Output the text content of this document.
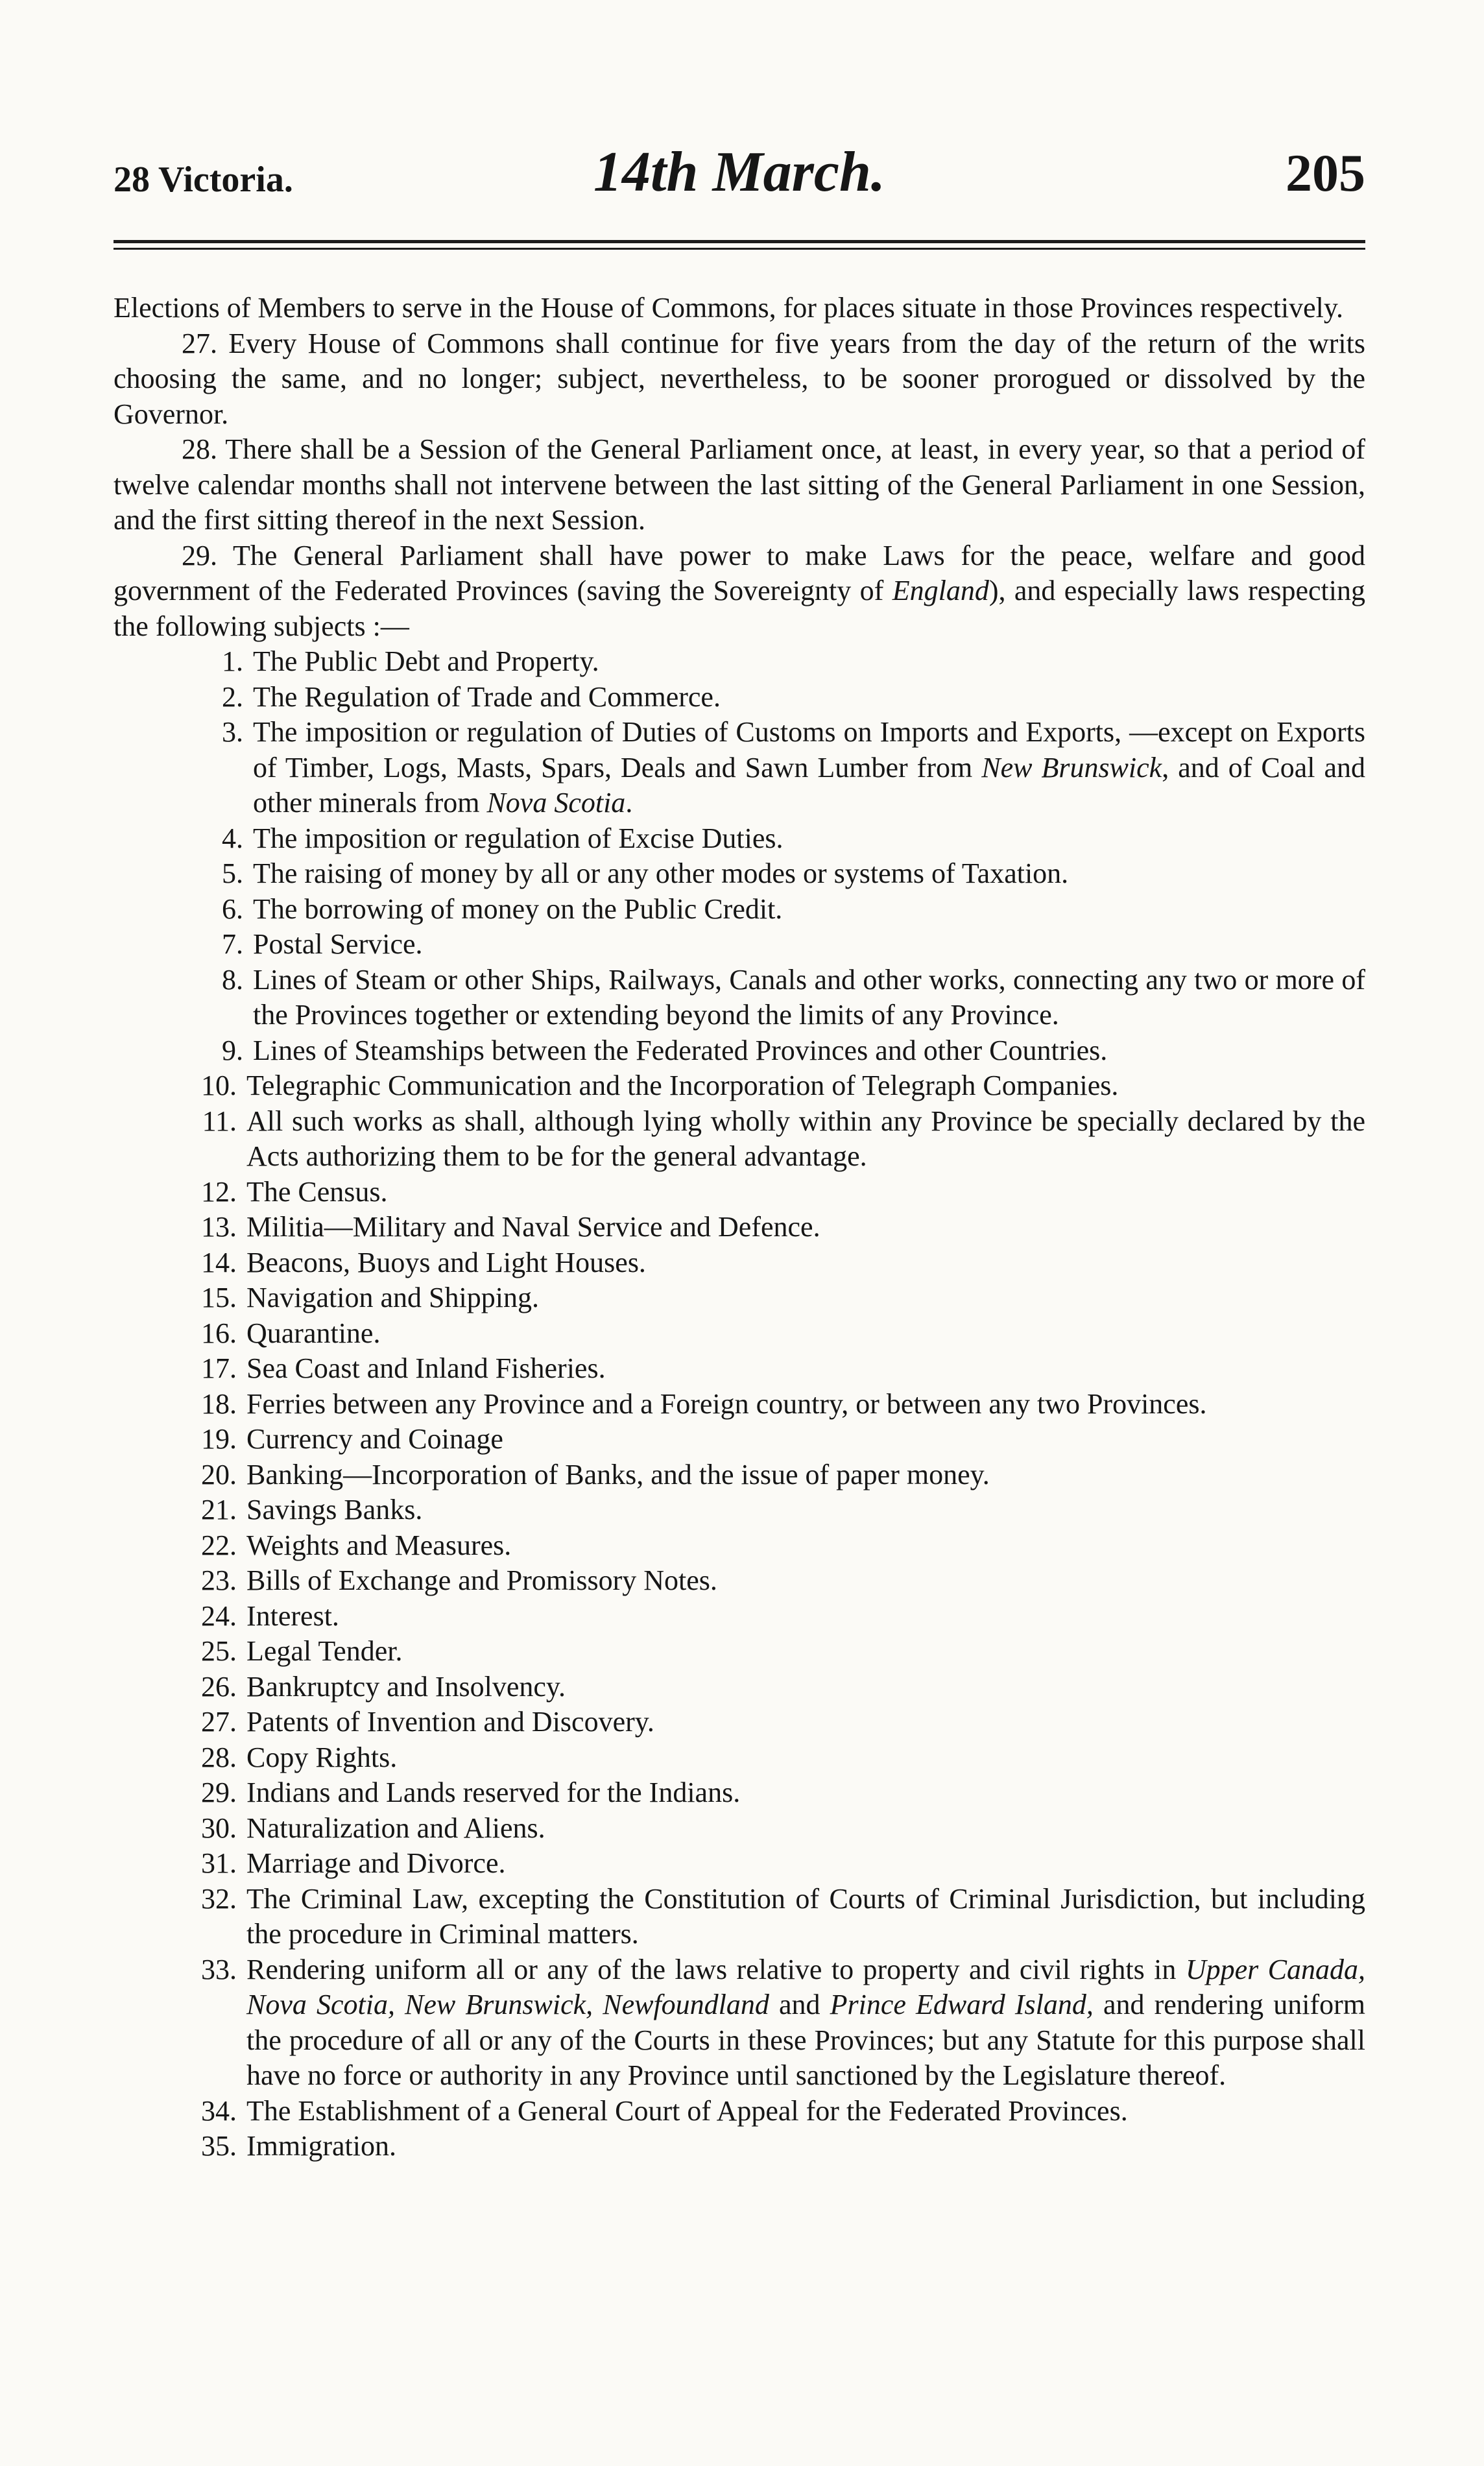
28 Victoria.	14th March.	205

Elections of Members to serve in the House of Commons, for places situate in those Provinces respectively.

27. Every House of Commons shall continue for five years from the day of the return of the writs choosing the same, and no longer; subject, nevertheless, to be sooner prorogued or dissolved by the Governor.

28. There shall be a Session of the General Parliament once, at least, in every year, so that a period of twelve calendar months shall not intervene between the last sitting of the General Parliament in one Session, and the first sitting thereof in the next Session.

29. The General Parliament shall have power to make Laws for the peace, welfare and good government of the Federated Provinces (saving the Sovereignty of England), and especially laws respecting the following subjects :—

1. The Public Debt and Property.
2. The Regulation of Trade and Commerce.
3. The imposition or regulation of Duties of Customs on Imports and Exports, —except on Exports of Timber, Logs, Masts, Spars, Deals and Sawn Lumber from New Brunswick, and of Coal and other minerals from Nova Scotia.
4. The imposition or regulation of Excise Duties.
5. The raising of money by all or any other modes or systems of Taxation.
6. The borrowing of money on the Public Credit.
7. Postal Service.
8. Lines of Steam or other Ships, Railways, Canals and other works, connecting any two or more of the Provinces together or extending beyond the limits of any Province.
9. Lines of Steamships between the Federated Provinces and other Countries.
10. Telegraphic Communication and the Incorporation of Telegraph Companies.
11. All such works as shall, although lying wholly within any Province be specially declared by the Acts authorizing them to be for the general advantage.
12. The Census.
13. Militia—Military and Naval Service and Defence.
14. Beacons, Buoys and Light Houses.
15. Navigation and Shipping.
16. Quarantine.
17. Sea Coast and Inland Fisheries.
18. Ferries between any Province and a Foreign country, or between any two Provinces.
19. Currency and Coinage
20. Banking—Incorporation of Banks, and the issue of paper money.
21. Savings Banks.
22. Weights and Measures.
23. Bills of Exchange and Promissory Notes.
24. Interest.
25. Legal Tender.
26. Bankruptcy and Insolvency.
27. Patents of Invention and Discovery.
28. Copy Rights.
29. Indians and Lands reserved for the Indians.
30. Naturalization and Aliens.
31. Marriage and Divorce.
32. The Criminal Law, excepting the Constitution of Courts of Criminal Jurisdiction, but including the procedure in Criminal matters.
33. Rendering uniform all or any of the laws relative to property and civil rights in Upper Canada, Nova Scotia, New Brunswick, Newfoundland and Prince Edward Island, and rendering uniform the procedure of all or any of the Courts in these Provinces; but any Statute for this purpose shall have no force or authority in any Province until sanctioned by the Legislature thereof.
34. The Establishment of a General Court of Appeal for the Federated Provinces.
35. Immigration.
